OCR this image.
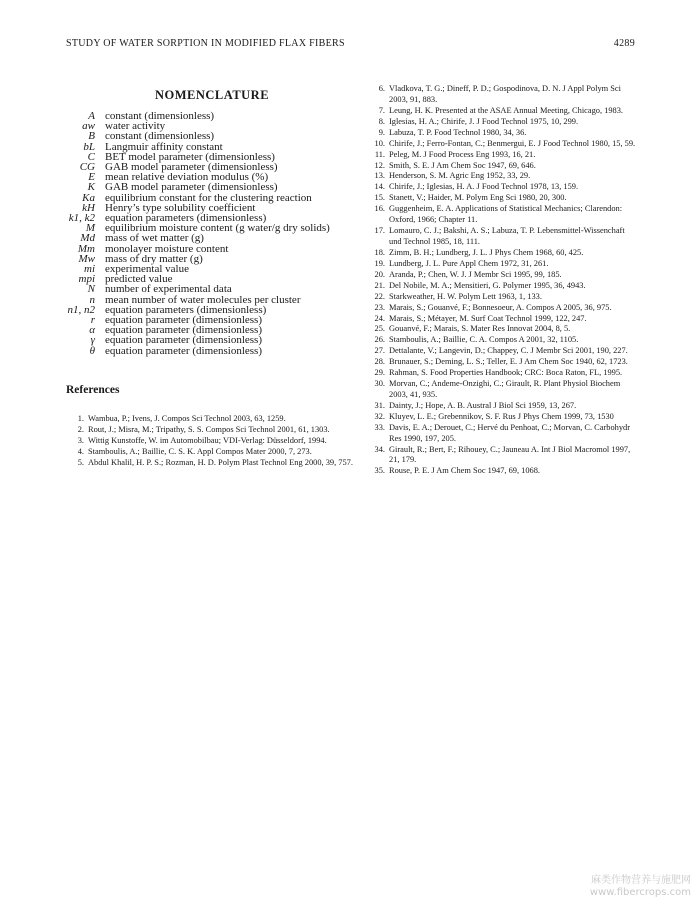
STUDY OF WATER SORPTION IN MODIFIED FLAX FIBERS	4289
NOMENCLATURE
A constant (dimensionless)
aw water activity
B constant (dimensionless)
bL Langmuir affinity constant
C BET model parameter (dimensionless)
CG GAB model parameter (dimensionless)
E mean relative deviation modulus (%)
K GAB model parameter (dimensionless)
Ka equilibrium constant for the clustering reaction
kH Henry’s type solubility coefficient
k1, k2 equation parameters (dimensionless)
M equilibrium moisture content (g water/g dry solids)
Md mass of wet matter (g)
Mm monolayer moisture content
Mw mass of dry matter (g)
mi experimental value
mpi predicted value
N number of experimental data
n mean number of water molecules per cluster
n1, n2 equation parameters (dimensionless)
r equation parameter (dimensionless)
α equation parameter (dimensionless)
γ equation parameter (dimensionless)
θ equation parameter (dimensionless)
References
1. Wambua, P.; Ivens, J. Compos Sci Technol 2003, 63, 1259.
2. Rout, J.; Misra, M.; Tripathy, S. S. Compos Sci Technol 2001, 61, 1303.
3. Wittig Kunstoffe, W. im Automobilbau; VDI-Verlag: Düsseldorf, 1994.
4. Stamboulis, A.; Baillie, C. S. K. Appl Compos Mater 2000, 7, 273.
5. Abdul Khalil, H. P. S.; Rozman, H. D. Polym Plast Technol Eng 2000, 39, 757.
6. Vladkova, T. G.; Dineff, P. D.; Gospodinova, D. N. J Appl Polym Sci 2003, 91, 883.
7. Leung, H. K. Presented at the ASAE Annual Meeting, Chicago, 1983.
8. Iglesias, H. A.; Chirife, J. J Food Technol 1975, 10, 299.
9. Labuza, T. P. Food Technol 1980, 34, 36.
10. Chirife, J.; Ferro-Fontan, C.; Benmergui, E. J Food Technol 1980, 15, 59.
11. Peleg, M. J Food Process Eng 1993, 16, 21.
12. Smith, S. E. J Am Chem Soc 1947, 69, 646.
13. Henderson, S. M. Agric Eng 1952, 33, 29.
14. Chirife, J.; Iglesias, H. A. J Food Technol 1978, 13, 159.
15. Stanett, V.; Haider, M. Polym Eng Sci 1980, 20, 300.
16. Guggenheim, E. A. Applications of Statistical Mechanics; Clarendon: Oxford, 1966; Chapter 11.
17. Lomauro, C. J.; Bakshi, A. S.; Labuza, T. P. Lebensmittel-Wissenchaft und Technol 1985, 18, 111.
18. Zimm, B. H.; Lundberg, J. L. J Phys Chem 1968, 60, 425.
19. Lundberg, J. L. Pure Appl Chem 1972, 31, 261.
20. Aranda, P.; Chen, W. J. J Membr Sci 1995, 99, 185.
21. Del Nobile, M. A.; Mensitieri, G. Polymer 1995, 36, 4943.
22. Starkweather, H. W. Polym Lett 1963, 1, 133.
23. Marais, S.; Gouanvé, F.; Bonnesoeur, A. Compos A 2005, 36, 975.
24. Marais, S.; Métayer, M. Surf Coat Technol 1999, 122, 247.
25. Gouanvé, F.; Marais, S. Mater Res Innovat 2004, 8, 5.
26. Stamboulis, A.; Baillie, C. A. Compos A 2001, 32, 1105.
27. Dettalante, V.; Langevin, D.; Chappey, C. J Membr Sci 2001, 190, 227.
28. Brunauer, S.; Deming, L. S.; Teller, E. J Am Chem Soc 1940, 62, 1723.
29. Rahman, S. Food Properties Handbook; CRC: Boca Raton, FL, 1995.
30. Morvan, C.; Andeme-Onzighi, C.; Girault, R. Plant Physiol Biochem 2003, 41, 935.
31. Dainty, J.; Hope, A. B. Austral J Biol Sci 1959, 13, 267.
32. Kluyev, L. E.; Grebennikov, S. F. Rus J Phys Chem 1999, 73, 1530
33. Davis, E. A.; Derouet, C.; Hervé du Penhoat, C.; Morvan, C. Carbohydr Res 1990, 197, 205.
34. Girault, R.; Bert, F.; Rihouey, C.; Jauneau A. Int J Biol Macromol 1997, 21, 179.
35. Rouse, P. E. J Am Chem Soc 1947, 69, 1068.
麻类作物营养与施肥网
www.fibercrops.com
